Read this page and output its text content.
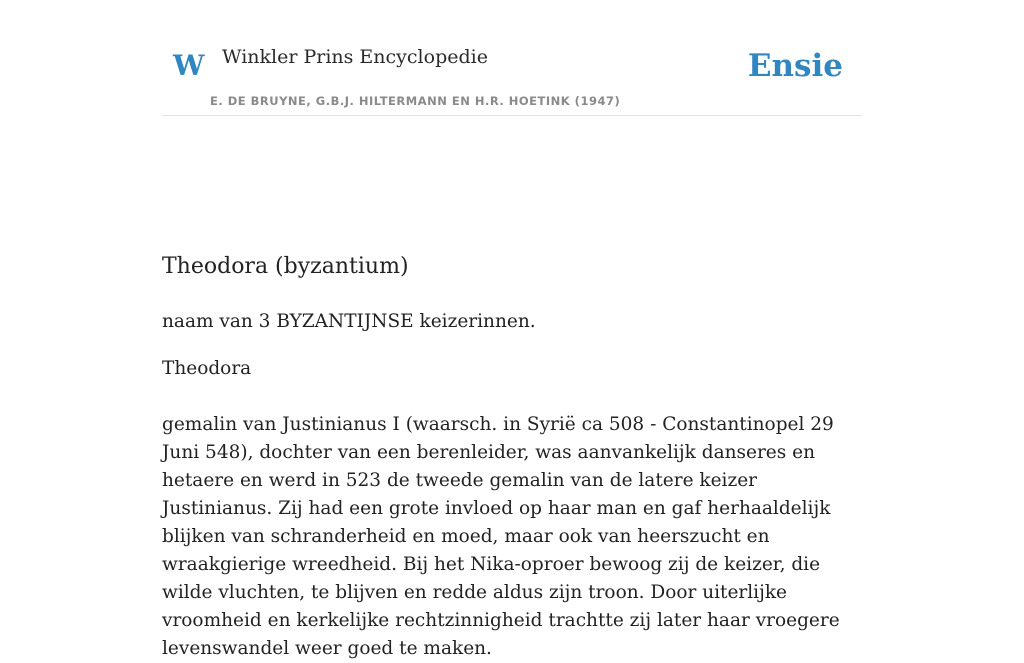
W Winkler Prins Encyclopedie
E. DE BRUYNE, G.B.J. HILTERMANN EN H.R. HOETINK (1947)
Ensie
Theodora (byzantium)

naam van 3 BYZANTIJNSE keizerinnen.

Theodora

gemalin van Justinianus I (waarsch. in Syrië ca 508 - Constantinopel 29 Juni 548), dochter van een berenleider, was aanvankelijk danseres en hetaere en werd in 523 de tweede gemalin van de latere keizer Justinianus. Zij had een grote invloed op haar man en gaf herhaaldelijk blijken van schranderheid en moed, maar ook van heerszucht en wraakgierige wreedheid. Bij het Nika-oproer bewoog zij de keizer, die wilde vluchten, te blijven en redde aldus zijn troon. Door uiterlijke vroomheid en kerkelijke rechtzinnigheid trachtte zij later haar vroegere levenswandel weer goed te maken.
